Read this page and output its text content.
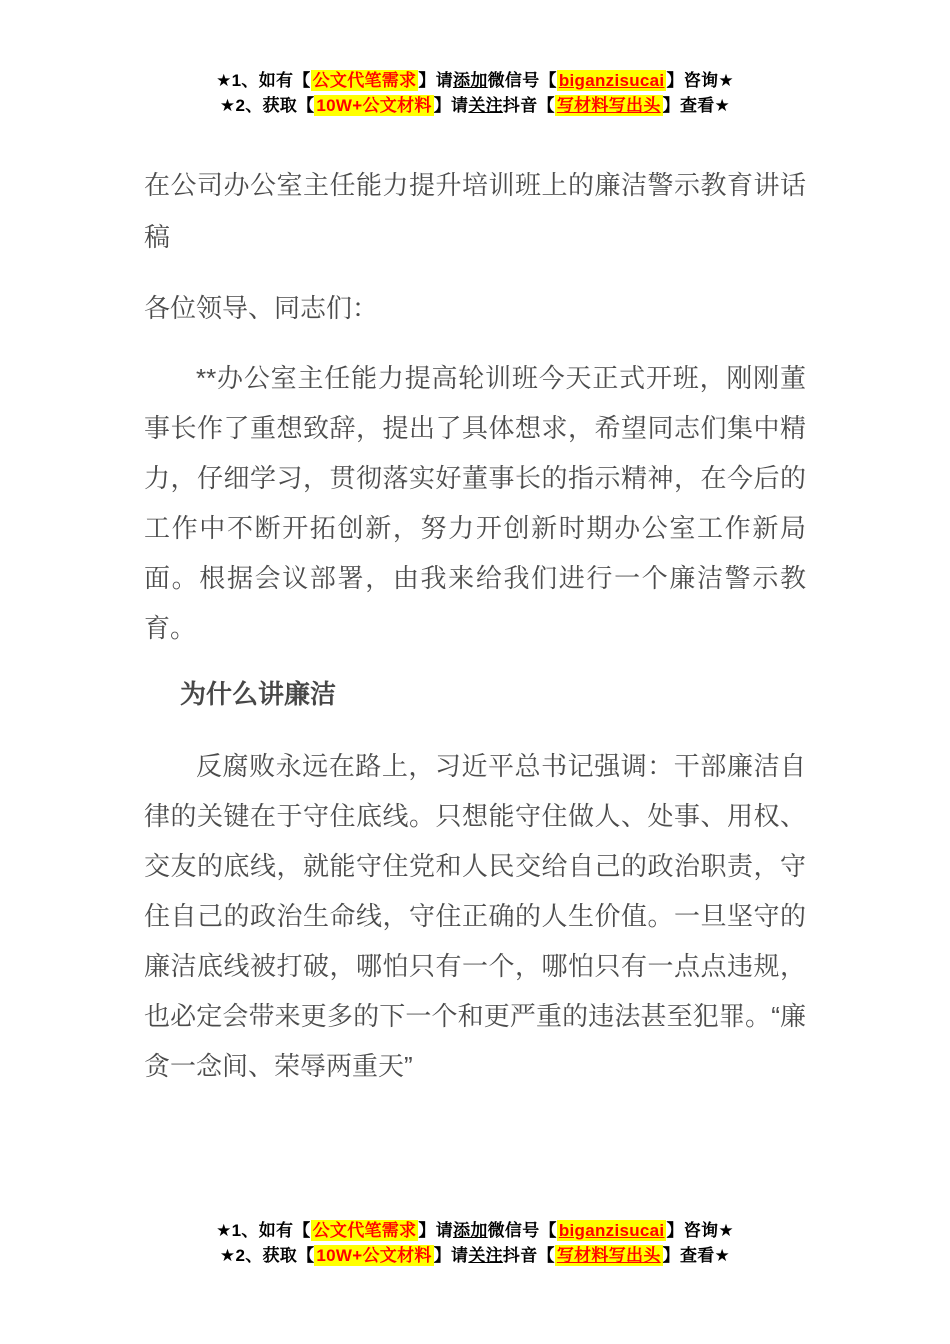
★1、如有【 公文代笔需求 】请添加微信号【 biganzisucai 】咨询★
★2、获取【 10W+公文材料 】请关注抖音【 写材料写出头 】查看★
在公司办公室主任能力提升培训班上的廉洁警示教育讲话稿

各位领导、同志们：

**办公室主任能力提高轮训班今天正式开班，刚刚董事长作了重想致辞，提出了具体想求，希望同志们集中精力，仔细学习，贯彻落实好董事长的指示精神，在今后的工作中不断开拓创新，努力开创新时期办公室工作新局面。根据会议部署，由我来给我们进行一个廉洁警示教育。

为什么讲廉洁

反腐败永远在路上，习近平总书记强调：干部廉洁自律的关键在于守住底线。只想能守住做人、处事、用权、交友的底线，就能守住党和人民交给自己的政治职责，守住自己的政治生命线，守住正确的人生价值。一旦坚守的廉洁底线被打破，哪怕只有一个，哪怕只有一点点违规，也必定会带来更多的下一个和更严重的违法甚至犯罪。“廉贪一念间、荣辱两重天”

★1、如有【 公文代笔需求 】请添加微信号【 biganzisucai 】咨询★
★2、获取【 10W+公文材料 】请关注抖音【 写材料写出头 】查看★
